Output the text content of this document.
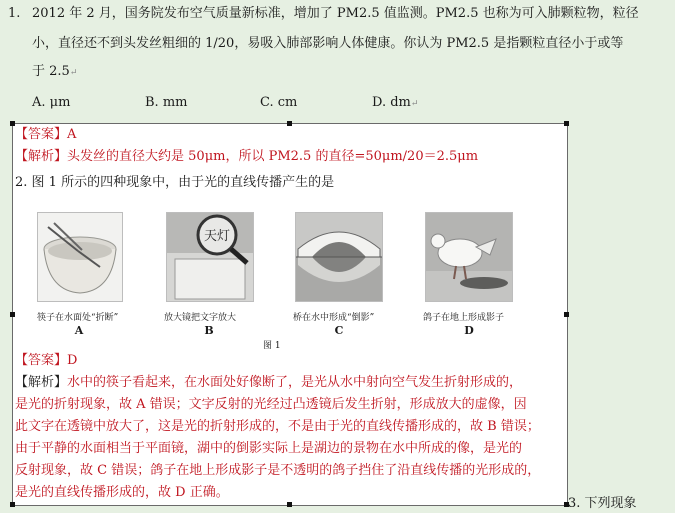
1. 2012 年 2 月，国务院发布空气质量新标准，增加了 PM2.5 值监测。PM2.5 也称为可入肺颗粒物，粒径
小，直径还不到头发丝粗细的 1/20，易吸入肺部影响人体健康。你认为 PM2.5 是指颗粒直径小于或等
于 2.5↵
A. μm	B. mm	C. cm	D. dm↵
【答案】A
【解析】头发丝的直径大约是 50μm，所以 PM2.5 的直径=50μm/20＝2.5μm
2. 图 1 所示的四种现象中，由于光的直线传播产生的是
天灯
筷子在水面处“折断”	放大镜把文字放大	桥在水中形成“倒影”	鸽子在地上形成影子
A	B	C	D
图 1
【答案】D
【解析】水中的筷子看起来，在水面处好像断了，是光从水中射向空气发生折射形成的，
是光的折射现象，故 A 错误；文字反射的光经过凸透镜后发生折射，形成放大的虚像，因
此文字在透镜中放大了，这是光的折射形成的，不是由于光的直线传播形成的，故 B 错误；
由于平静的水面相当于平面镜，湖中的倒影实际上是湖边的景物在水中所成的像，是光的
反射现象，故 C 错误；鸽子在地上形成影子是不透明的鸽子挡住了沿直线传播的光形成的，
是光的直线传播形成的，故 D 正确。
3. 下列现象
